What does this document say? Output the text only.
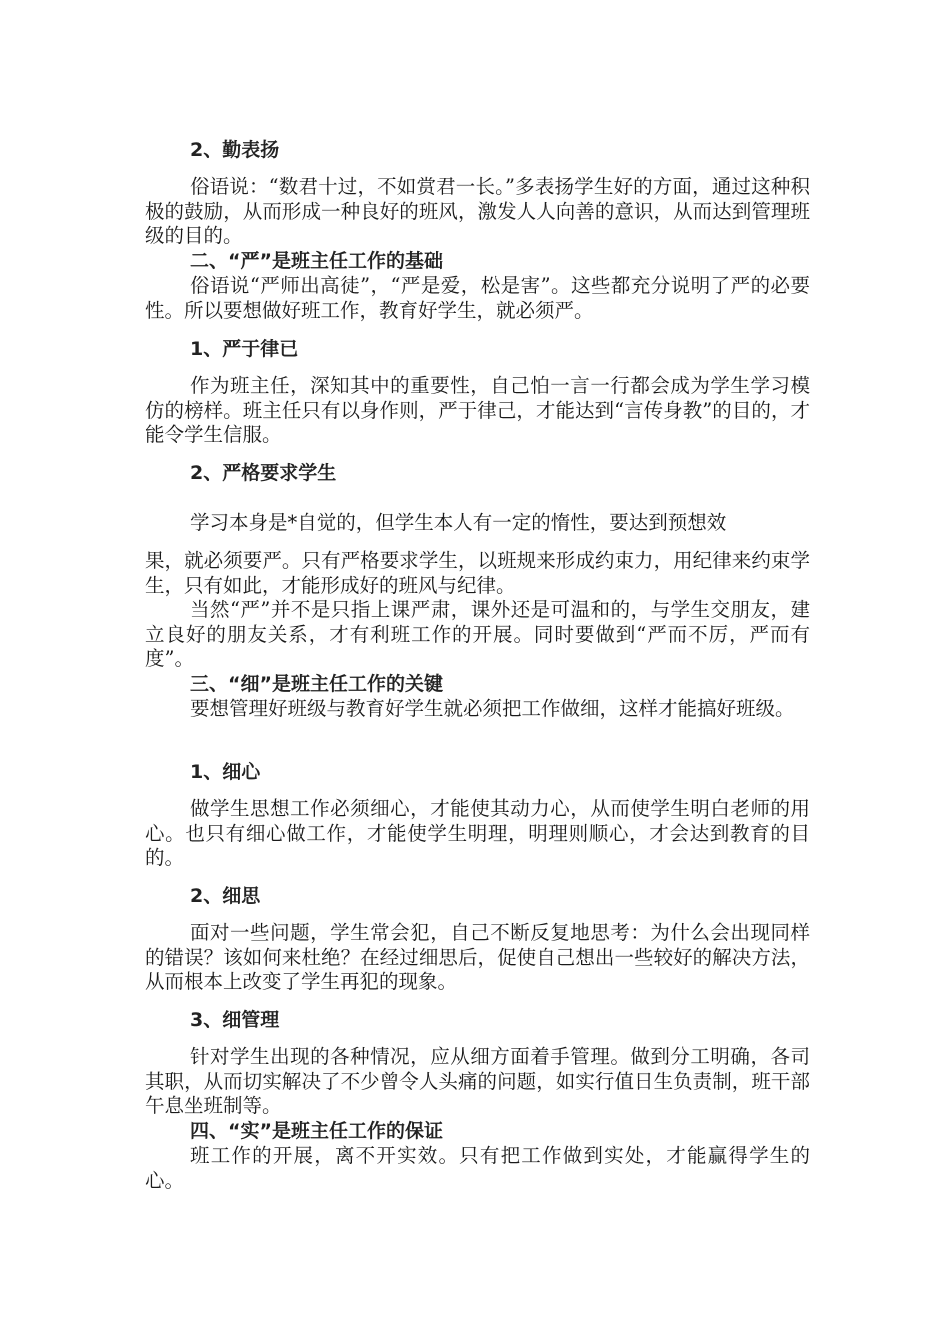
2、勤表扬

俗语说：“数君十过，不如赏君一长。”多表扬学生好的方面，通过这种积极的鼓励，从而形成一种良好的班风，激发人人向善的意识，从而达到管理班级的目的。

二、“严”是班主任工作的基础

俗语说“严师出高徒”，“严是爱，松是害”。这些都充分说明了严的必要性。所以要想做好班工作，教育好学生，就必须严。

1、严于律已

作为班主任，深知其中的重要性，自己怕一言一行都会成为学生学习模仿的榜样。班主任只有以身作则，严于律己，才能达到“言传身教”的目的，才能令学生信服。

2、严格要求学生

学习本身是*自觉的，但学生本人有一定的惰性，要达到预想效

果，就必须要严。只有严格要求学生，以班规来形成约束力，用纪律来约束学生，只有如此，才能形成好的班风与纪律。

当然“严”并不是只指上课严肃，课外还是可温和的，与学生交朋友，建立良好的朋友关系，才有利班工作的开展。同时要做到“严而不厉，严而有度”。

三、“细”是班主任工作的关键

要想管理好班级与教育好学生就必须把工作做细，这样才能搞好班级。

1、细心

做学生思想工作必须细心，才能使其动力心，从而使学生明白老师的用心。也只有细心做工作，才能使学生明理，明理则顺心，才会达到教育的目的。

2、细思

面对一些问题，学生常会犯，自己不断反复地思考：为什么会出现同样的错误？该如何来杜绝？在经过细思后，促使自己想出一些较好的解决方法，从而根本上改变了学生再犯的现象。

3、细管理

针对学生出现的各种情况，应从细方面着手管理。做到分工明确，各司其职，从而切实解决了不少曾令人头痛的问题，如实行值日生负责制，班干部午息坐班制等。

四、“实”是班主任工作的保证

班工作的开展，离不开实效。只有把工作做到实处，才能赢得学生的心。
